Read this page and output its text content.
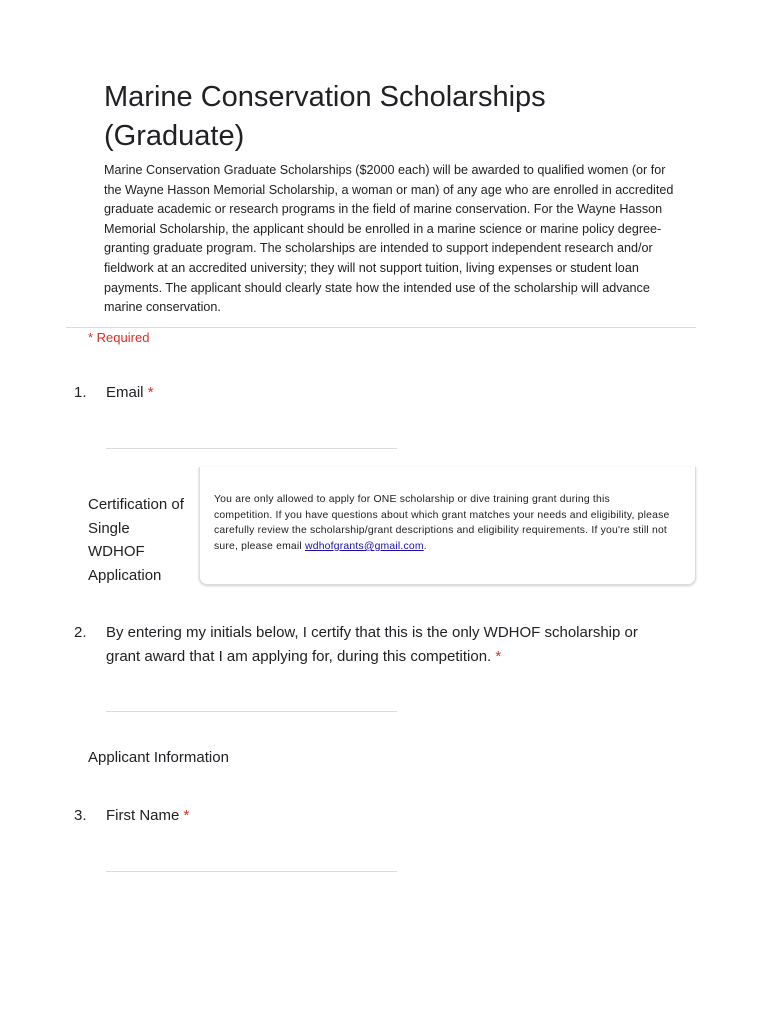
Marine Conservation Scholarships (Graduate)

Marine Conservation Graduate Scholarships ($2000 each) will be awarded to qualified women (or for the Wayne Hasson Memorial Scholarship, a woman or man) of any age who are enrolled in accredited graduate academic or research programs in the field of marine conservation. For the Wayne Hasson Memorial Scholarship, the applicant should be enrolled in a marine science or marine policy degree-granting graduate program. The scholarships are intended to support independent research and/or fieldwork at an accredited university; they will not support tuition, living expenses or student loan payments. The applicant should clearly state how the intended use of the scholarship will advance marine conservation.

* Required
1. Email *
Certification of Single WDHOF Application

You are only allowed to apply for ONE scholarship or dive training grant during this competition. If you have questions about which grant matches your needs and eligibility, please carefully review the scholarship/grant descriptions and eligibility requirements. If you're still not sure, please email wdhofgrants@gmail.com.

2. By entering my initials below, I certify that this is the only WDHOF scholarship or grant award that I am applying for, during this competition. *
Applicant Information
3. First Name *
